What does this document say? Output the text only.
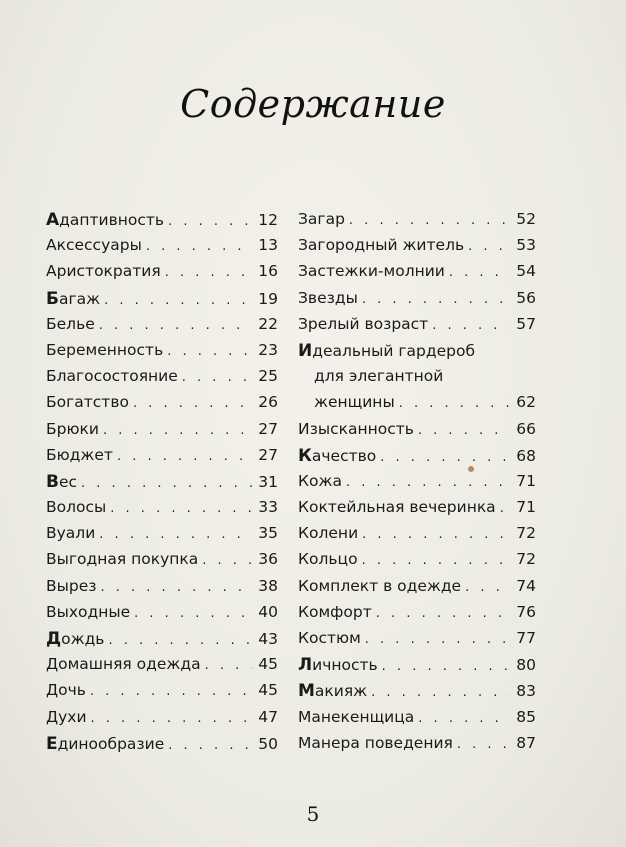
Содержание
Адаптивность . . .	12
Аксессуары . . .	13
Аристократия . . .	16
Багаж . . .	19
Белье . . .	22
Беременность . . .	23
Благосостояние . . .	25
Богатство . . .	26
Брюки . . .	27
Бюджет . . .	27
Вес . . .	31
Волосы . . .	33
Вуали . . .	35
Выгодная покупка . . .	36
Вырез . . .	38
Выходные . . .	40
Дождь . . .	43
Домашняя одежда . . .	45
Дочь . . .	45
Духи . . .	47
Единообразие . . .	50
Загар . . .	52
Загородный житель . . .	53
Застежки-молнии . . .	54
Звезды . . .	56
Зрелый возраст . . .	57
Идеальный гардероб
для элегантной
женщины . . .	62
Изысканность . . .	66
Качество . . .	68
Кожа . . .	71
Коктейльная вечеринка . . . 71
Колени . . .	72
Кольцо . . .	72
Комплект в одежде . . .	74
Комфорт . . .	76
Костюм . . .	77
Личность . . .	80
Макияж . . .	83
Манекенщица . . .	85
Манера поведения . . .	87
5
